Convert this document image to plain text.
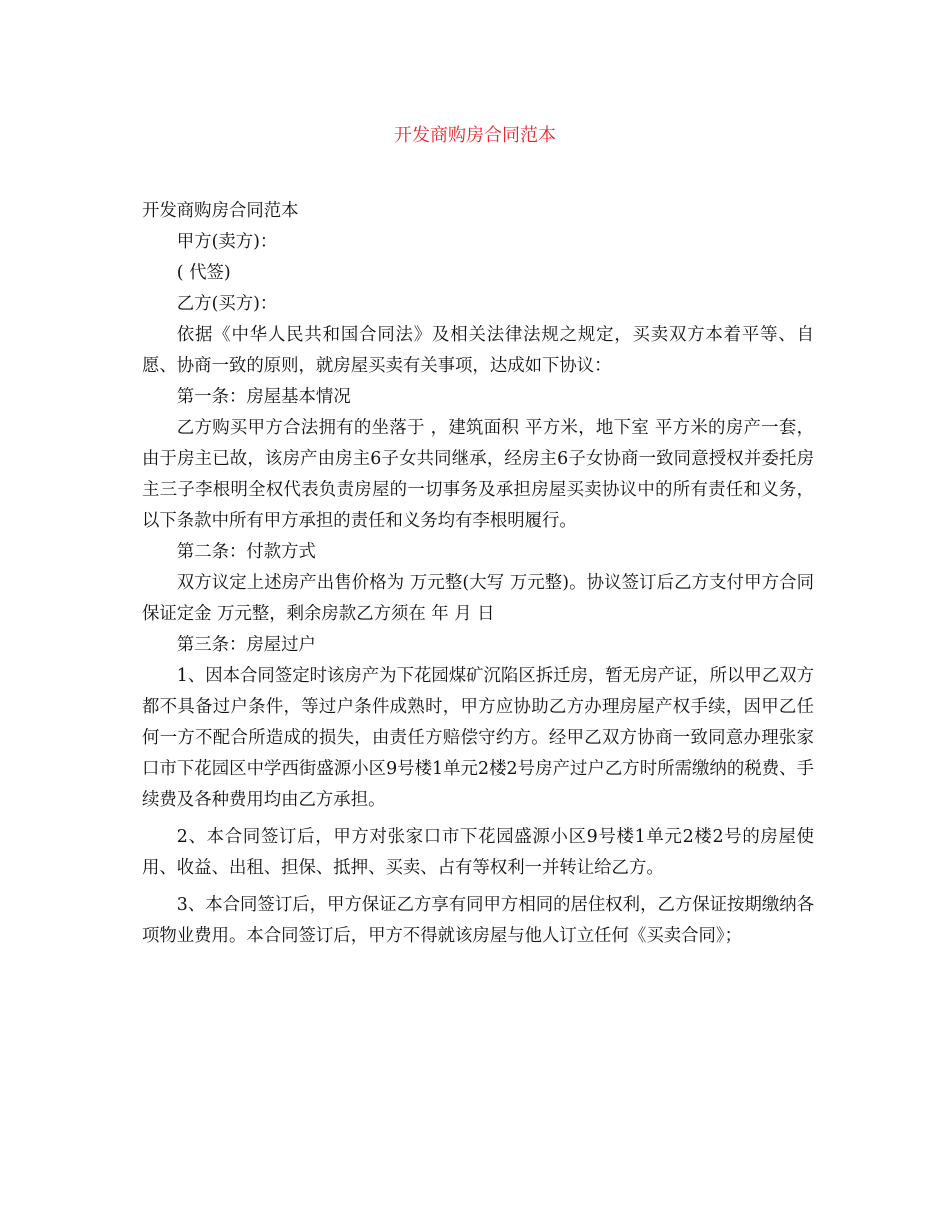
开发商购房合同范本

开发商购房合同范本

甲方(卖方)：

( 代签)

乙方(买方)：

依据《中华人民共和国合同法》及相关法律法规之规定，买卖双方本着平等、自愿、协商一致的原则，就房屋买卖有关事项，达成如下协议：

第一条：房屋基本情况

乙方购买甲方合法拥有的坐落于 ，建筑面积 平方米，地下室 平方米的房产一套，由于房主已故，该房产由房主6子女共同继承，经房主6子女协商一致同意授权并委托房主三子李根明全权代表负责房屋的一切事务及承担房屋买卖协议中的所有责任和义务，以下条款中所有甲方承担的责任和义务均有李根明履行。

第二条：付款方式

双方议定上述房产出售价格为 万元整(大写 万元整)。协议签订后乙方支付甲方合同保证定金 万元整，剩余房款乙方须在 年 月 日

第三条：房屋过户

1、因本合同签定时该房产为下花园煤矿沉陷区拆迁房，暂无房产证，所以甲乙双方都不具备过户条件，等过户条件成熟时，甲方应协助乙方办理房屋产权手续，因甲乙任何一方不配合所造成的损失，由责任方赔偿守约方。经甲乙双方协商一致同意办理张家口市下花园区中学西街盛源小区9号楼1单元2楼2号房产过户乙方时所需缴纳的税费、手续费及各种费用均由乙方承担。

2、本合同签订后，甲方对张家口市下花园盛源小区9号楼1单元2楼2号的房屋使用、收益、出租、担保、抵押、买卖、占有等权利一并转让给乙方。

3、本合同签订后，甲方保证乙方享有同甲方相同的居住权利，乙方保证按期缴纳各项物业费用。本合同签订后，甲方不得就该房屋与他人订立任何《买卖合同》；
